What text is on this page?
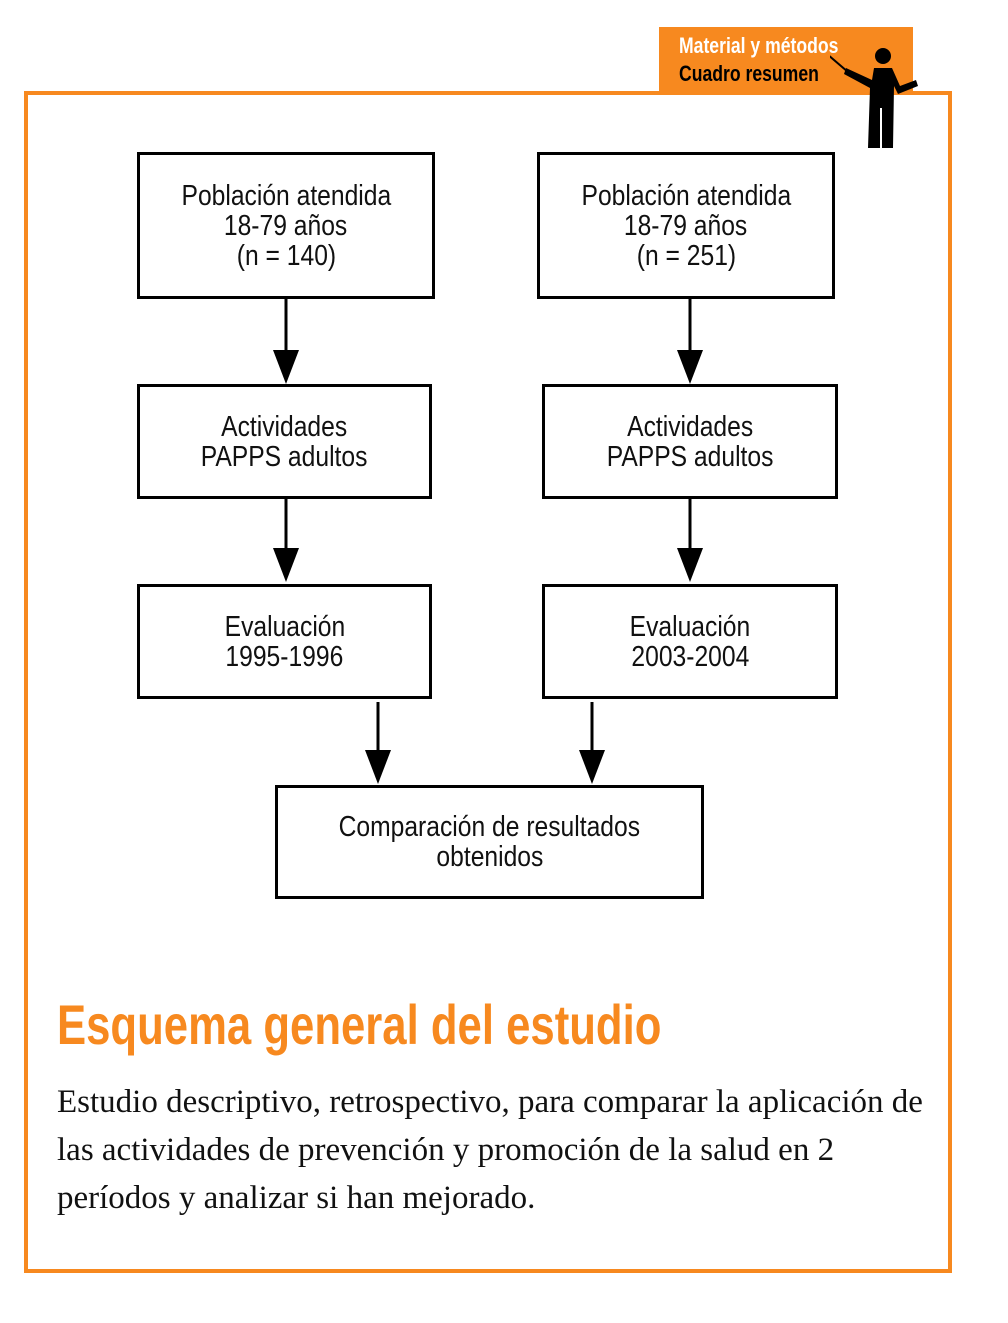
Material y métodos
Cuadro resumen
Población atendida
18-79 años
(n = 140)
Población atendida
18-79 años
(n = 251)
Actividades
PAPPS adultos
Actividades
PAPPS adultos
Evaluación
1995-1996
Evaluación
2003-2004
Comparación de resultados
obtenidos
Esquema general del estudio
Estudio descriptivo, retrospectivo, para comparar la aplicación de las actividades de prevención y promoción de la salud en 2 períodos y analizar si han mejorado.
